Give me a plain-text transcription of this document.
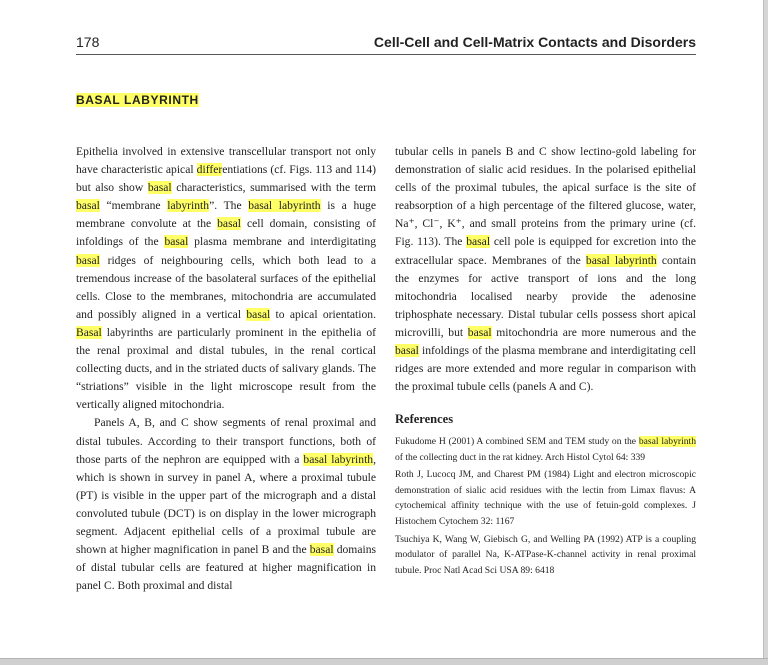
178	Cell-Cell and Cell-Matrix Contacts and Disorders
BASAL LABYRINTH

Epithelia involved in extensive transcellular transport not only have characteristic apical differentiations (cf. Figs. 113 and 114) but also show basal characteristics, summarised with the term basal “membrane labyrinth”. The basal labyrinth is a huge membrane convolute at the basal cell domain, consisting of infoldings of the basal plasma membrane and interdigitating basal ridges of neighbouring cells, which both lead to a tremendous increase of the basolateral surfaces of the epithelial cells. Close to the membranes, mitochondria are accumulated and possibly aligned in a vertical basal to apical orientation. Basal labyrinths are particularly prominent in the epithelia of the renal proximal and distal tubules, in the renal cortical collecting ducts, and in the striated ducts of salivary glands. The “striations” visible in the light microscope result from the vertically aligned mitochondria.

Panels A, B, and C show segments of renal proximal and distal tubules. According to their transport functions, both of those parts of the nephron are equipped with a basal labyrinth, which is shown in survey in panel A, where a proximal tubule (PT) is visible in the upper part of the micrograph and a distal convoluted tubule (DCT) is on display in the lower micrograph segment. Adjacent epithelial cells of a proximal tubule are shown at higher magnification in panel B and the basal domains of distal tubular cells are featured at higher magnification in panel C. Both proximal and distal

tubular cells in panels B and C show lectino-gold labeling for demonstration of sialic acid residues. In the polarised epithelial cells of the proximal tubules, the apical surface is the site of reabsorption of a high percentage of the filtered glucose, water, Na⁺, Cl⁻, K⁺, and small proteins from the primary urine (cf. Fig. 113). The basal cell pole is equipped for excretion into the extracellular space. Membranes of the basal labyrinth contain the enzymes for active transport of ions and the long mitochondria localised nearby provide the adenosine triphosphate necessary. Distal tubular cells possess short apical microvilli, but basal mitochondria are more numerous and the basal infoldings of the plasma membrane and interdigitating cell ridges are more extended and more regular in comparison with the proximal tubule cells (panels A and C).

References

Fukudome H (2001) A combined SEM and TEM study on the basal labyrinth of the collecting duct in the rat kidney. Arch Histol Cytol 64: 339

Roth J, Lucocq JM, and Charest PM (1984) Light and electron microscopic demonstration of sialic acid residues with the lectin from Limax flavus: A cytochemical affinity technique with the use of fetuin-gold complexes. J Histochem Cytochem 32: 1167

Tsuchiya K, Wang W, Giebisch G, and Welling PA (1992) ATP is a coupling modulator of parallel Na, K-ATPase-K-channel activity in renal proximal tubule. Proc Natl Acad Sci USA 89: 6418
